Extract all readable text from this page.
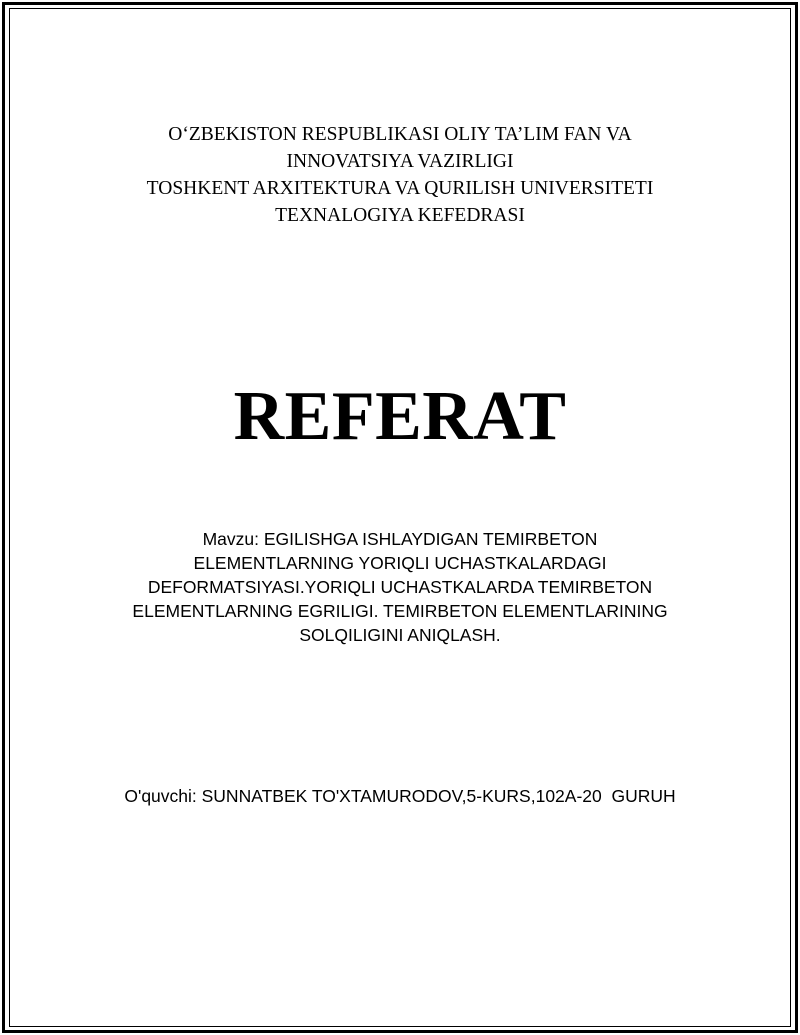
O‘ZBEKISTON RESPUBLIKASI OLIY TA’LIM FAN VA
INNOVATSIYA VAZIRLIGI
TOSHKENT ARXITEKTURA VA QURILISH UNIVERSITETI
TEXNALOGIYA KEFEDRASI
REFERAT
Mavzu: EGILISHGA ISHLAYDIGAN TEMIRBETON
ELEMENTLARNING YORIQLI UCHASTKALARDAGI
DEFORMATSIYASI.YORIQLI UCHASTKALARDA TEMIRBETON
ELEMENTLARNING EGRILIGI. TEMIRBETON ELEMENTLARINING
SOLQILIGINI ANIQLASH.
O'quvchi: SUNNATBEK TO'XTAMURODOV,5-KURS,102A-20  GURUH
